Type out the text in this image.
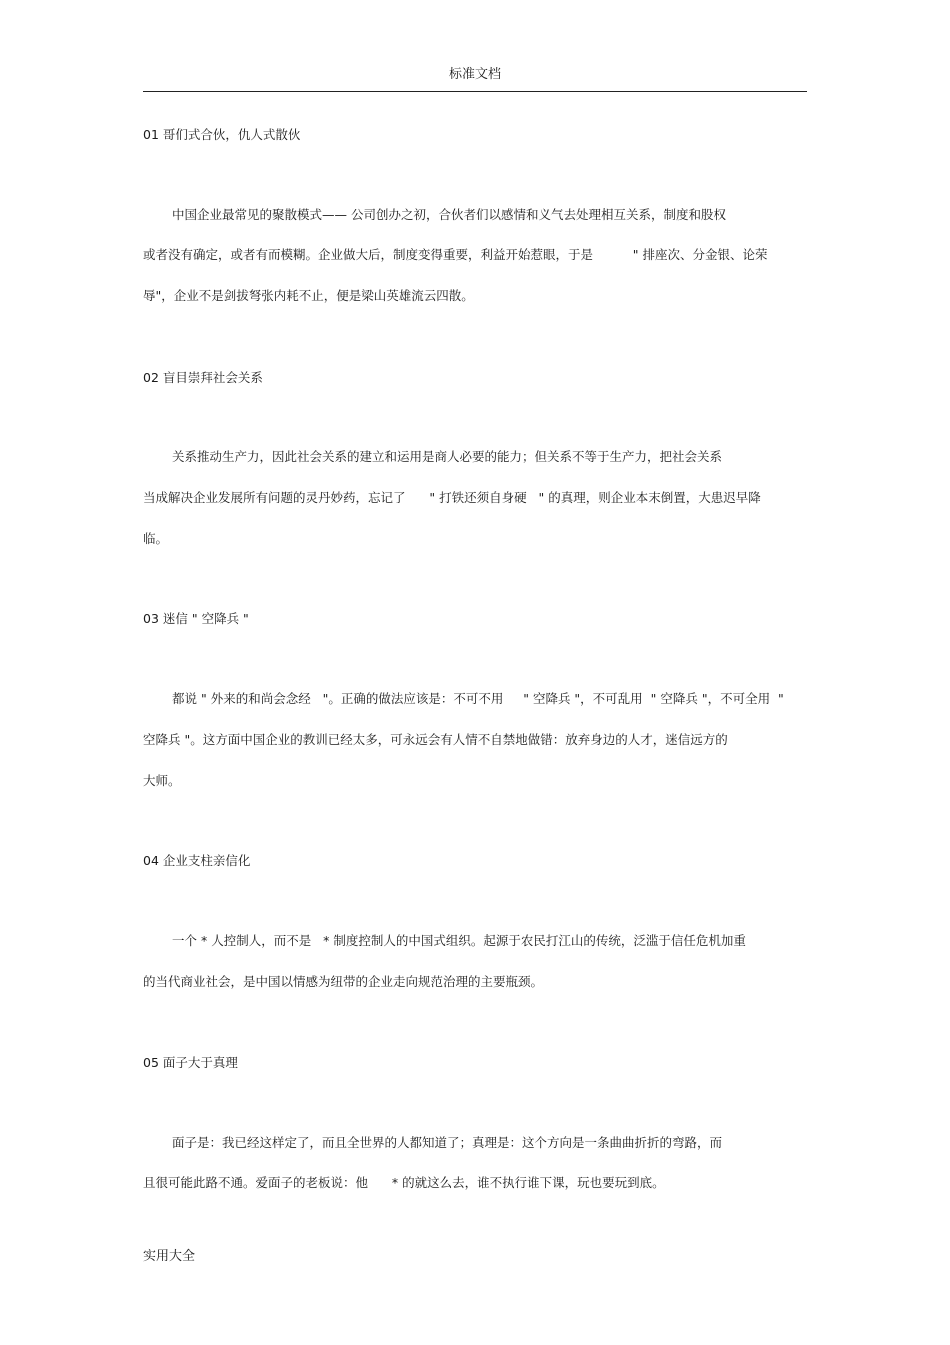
标准文档
01 哥们式合伙，仇人式散伙
中国企业最常见的聚散模式—— 公司创办之初，合伙者们以感情和义气去处理相互关系，制度和股权
或者没有确定，或者有而模糊。企业做大后，制度变得重要，利益开始惹眼，于是          " 排座次、分金银、论荣
辱"，企业不是剑拔弩张内耗不止，便是梁山英雄流云四散。
02 盲目崇拜社会关系
关系推动生产力，因此社会关系的建立和运用是商人必要的能力；但关系不等于生产力，把社会关系
当成解决企业发展所有问题的灵丹妙药，忘记了      " 打铁还须自身硬   " 的真理，则企业本末倒置，大患迟早降
临。
03 迷信 " 空降兵 "
都说 " 外来的和尚会念经   "。正确的做法应该是：不可不用     " 空降兵 "，不可乱用  " 空降兵 "，不可全用  "
空降兵 "。这方面中国企业的教训已经太多，可永远会有人情不自禁地做错：放弃身边的人才，迷信远方的
大师。
04 企业支柱亲信化
一个 * 人控制人，而不是   * 制度控制人的中国式组织。起源于农民打江山的传统，泛滥于信任危机加重
的当代商业社会，是中国以情感为纽带的企业走向规范治理的主要瓶颈。
05 面子大于真理
面子是：我已经这样定了，而且全世界的人都知道了；真理是：这个方向是一条曲曲折折的弯路，而
且很可能此路不通。爱面子的老板说：他      * 的就这么去，谁不执行谁下课，玩也要玩到底。
实用大全
